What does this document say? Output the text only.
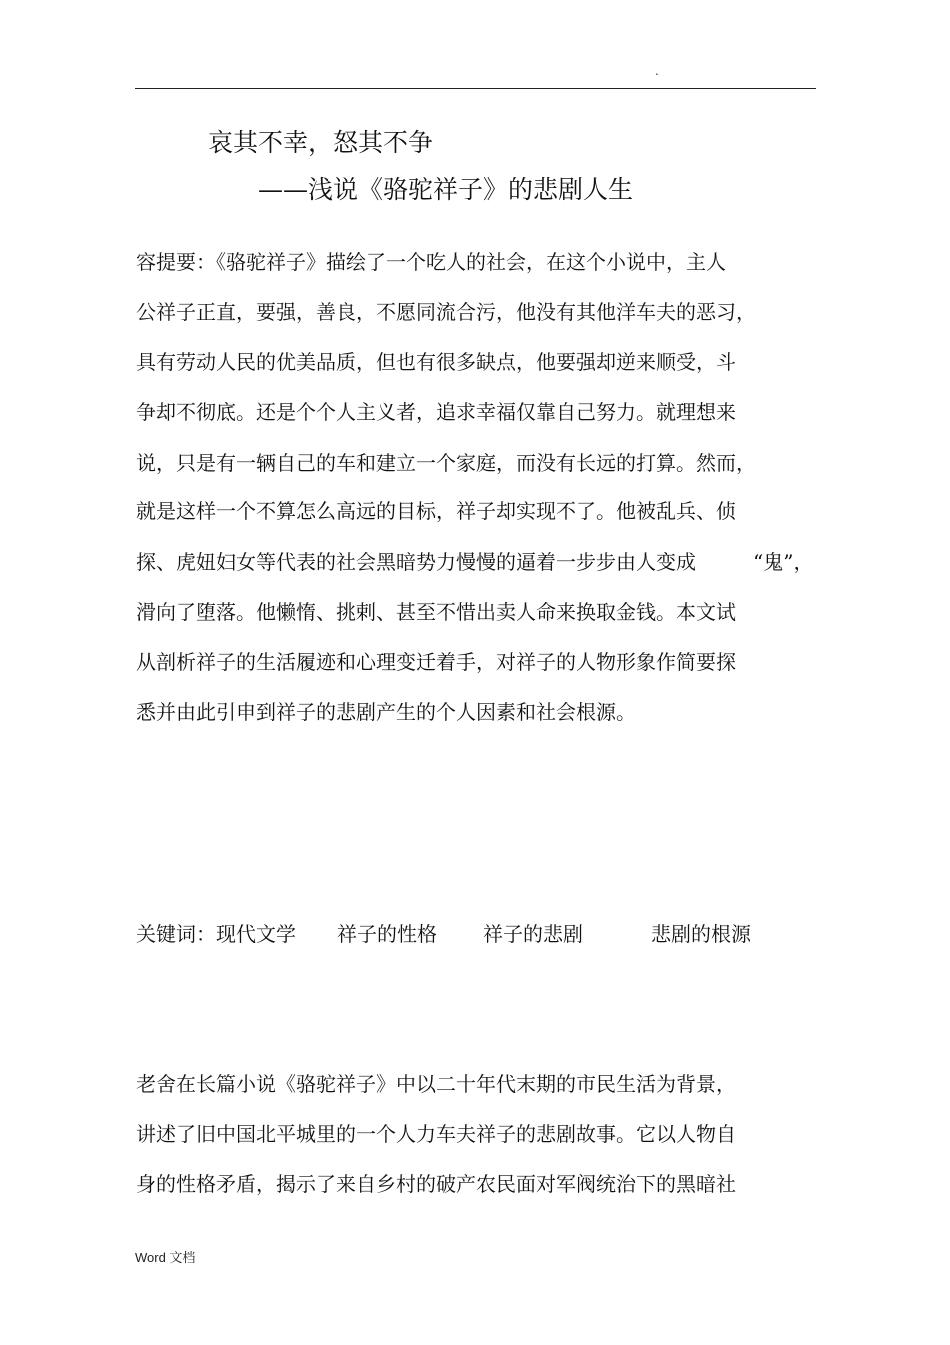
.
哀其不幸，怒其不争
——浅说《骆驼祥子》的悲剧人生
容提要：《骆驼祥子》描绘了一个吃人的社会，在这个小说中，主人
公祥子正直，要强，善良，不愿同流合污，他没有其他洋车夫的恶习，
具有劳动人民的优美品质，但也有很多缺点，他要强却逆来顺受，斗
争却不彻底。还是个个人主义者，追求幸福仅靠自己努力。就理想来
说，只是有一辆自己的车和建立一个家庭，而没有长远的打算。然而，
就是这样一个不算怎么高远的目标，祥子却实现不了。他被乱兵、侦
探、虎妞妇女等代表的社会黑暗势力慢慢的逼着一步步由人变成	“鬼”，
滑向了堕落。他懒惰、挑剌、甚至不惜出卖人命来换取金钱。本文试
从剖析祥子的生活履迹和心理变迁着手，对祥子的人物形象作简要探
悉并由此引申到祥子的悲剧产生的个人因素和社会根源。
关键词：现代文学 祥子的性格 祥子的悲剧	悲剧的根源
老舍在长篇小说《骆驼祥子》中以二十年代末期的市民生活为背景，
讲述了旧中国北平城里的一个人力车夫祥子的悲剧故事。它以人物自
身的性格矛盾，揭示了来自乡村的破产农民面对军阀统治下的黑暗社
Word 文档
